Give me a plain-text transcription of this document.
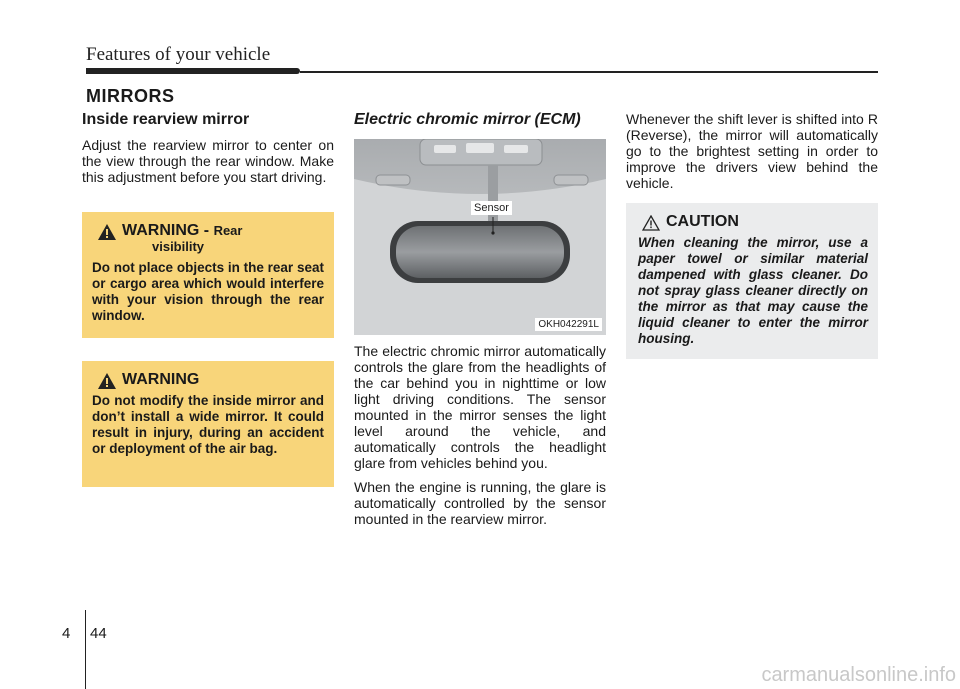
Features of your vehicle
MIRRORS
Inside rearview mirror

Adjust the rearview mirror to center on the view through the rear window. Make this adjustment before you start driving.

WARNING - Rear
visibility

Do not place objects in the rear seat or cargo area which would interfere with your vision through the rear window.

WARNING

Do not modify the inside mirror and don’t install a wide mirror. It could result in injury, during an accident or deployment of the air bag.

Electric chromic mirror (ECM)
Sensor
OKH042291L

The electric chromic mirror automatically controls the glare from the headlights of the car behind you in nighttime or low light driving conditions. The sensor mounted in the mirror senses the light level around the vehicle, and automatically controls the headlight glare from vehicles behind you.

When the engine is running, the glare is automatically controlled by the sensor mounted in the rearview mirror.

Whenever the shift lever is shifted into R (Reverse), the mirror will automatically go to the brightest setting in order to improve the drivers view behind the vehicle.

CAUTION

When cleaning the mirror, use a paper towel or similar material dampened with glass cleaner. Do not spray glass cleaner directly on the mirror as that may cause the liquid cleaner to enter the mirror housing.

4 44
carmanualsonline.info
